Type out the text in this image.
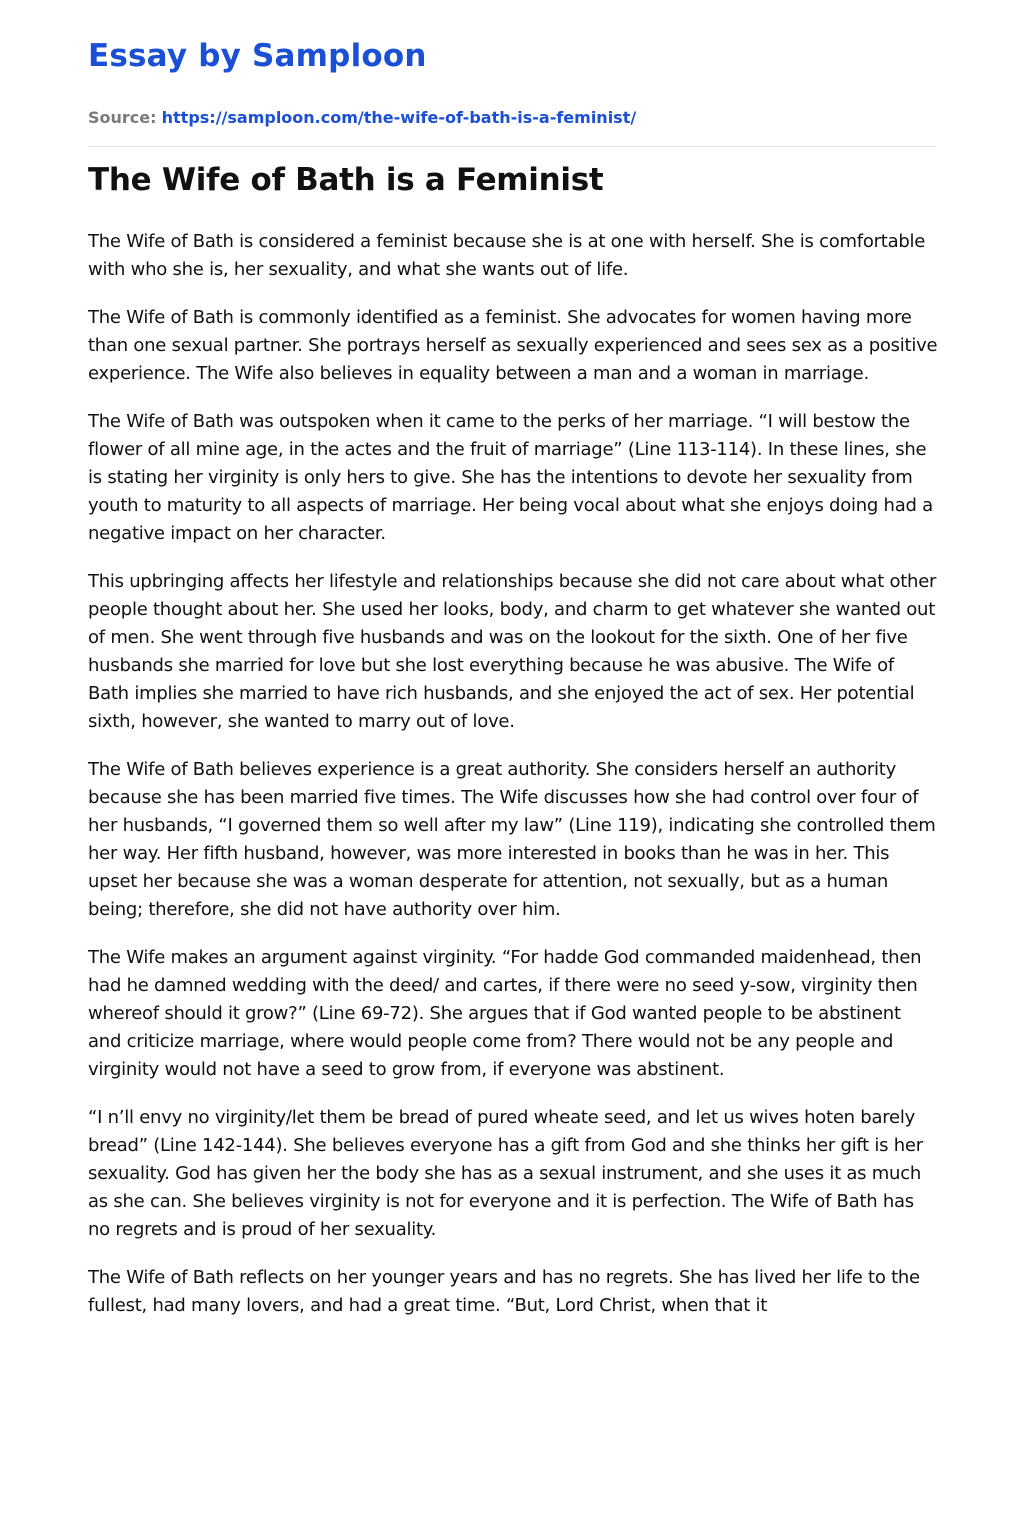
Essay by Samploon
Source: https://samploon.com/the-wife-of-bath-is-a-feminist/
The Wife of Bath is a Feminist

The Wife of Bath is considered a feminist because she is at one with herself. She is comfortable with who she is, her sexuality, and what she wants out of life.

The Wife of Bath is commonly identified as a feminist. She advocates for women having more than one sexual partner. She portrays herself as sexually experienced and sees sex as a positive experience. The Wife also believes in equality between a man and a woman in marriage.

The Wife of Bath was outspoken when it came to the perks of her marriage. “I will bestow the flower of all mine age, in the actes and the fruit of marriage” (Line 113-114). In these lines, she is stating her virginity is only hers to give. She has the intentions to devote her sexuality from youth to maturity to all aspects of marriage. Her being vocal about what she enjoys doing had a negative impact on her character.

This upbringing affects her lifestyle and relationships because she did not care about what other people thought about her. She used her looks, body, and charm to get whatever she wanted out of men. She went through five husbands and was on the lookout for the sixth. One of her five husbands she married for love but she lost everything because he was abusive. The Wife of Bath implies she married to have rich husbands, and she enjoyed the act of sex. Her potential sixth, however, she wanted to marry out of love.

The Wife of Bath believes experience is a great authority. She considers herself an authority because she has been married five times. The Wife discusses how she had control over four of her husbands, “I governed them so well after my law” (Line 119), indicating she controlled them her way. Her fifth husband, however, was more interested in books than he was in her. This upset her because she was a woman desperate for attention, not sexually, but as a human being; therefore, she did not have authority over him.

The Wife makes an argument against virginity. “For hadde God commanded maidenhead, then had he damned wedding with the deed/ and cartes, if there were no seed y-sow, virginity then whereof should it grow?” (Line 69-72). She argues that if God wanted people to be abstinent and criticize marriage, where would people come from? There would not be any people and virginity would not have a seed to grow from, if everyone was abstinent.

“I n’ll envy no virginity/let them be bread of pured wheate seed, and let us wives hoten barely bread” (Line 142-144). She believes everyone has a gift from God and she thinks her gift is her sexuality. God has given her the body she has as a sexual instrument, and she uses it as much as she can. She believes virginity is not for everyone and it is perfection. The Wife of Bath has no regrets and is proud of her sexuality.

The Wife of Bath reflects on her younger years and has no regrets. She has lived her life to the fullest, had many lovers, and had a great time. “But, Lord Christ, when that it
